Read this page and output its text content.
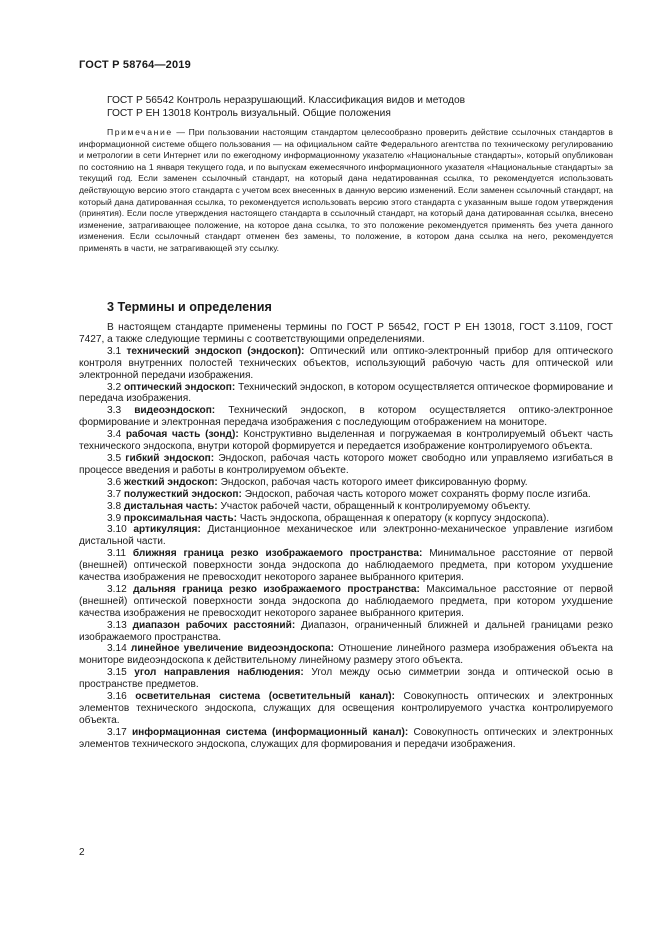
ГОСТ Р 58764—2019
ГОСТ Р 56542 Контроль неразрушающий. Классификация видов и методов
ГОСТ Р ЕН 13018 Контроль визуальный. Общие положения
Примечание — При пользовании настоящим стандартом целесообразно проверить действие ссылочных стандартов в информационной системе общего пользования — на официальном сайте Федерального агентства по техническому регулированию и метрологии в сети Интернет или по ежегодному информационному указателю «Национальные стандарты», который опубликован по состоянию на 1 января текущего года, и по выпускам ежемесячного информационного указателя «Национальные стандарты» за текущий год. Если заменен ссылочный стандарт, на который дана недатированная ссылка, то рекомендуется использовать действующую версию этого стандарта с учетом всех внесенных в данную версию изменений. Если заменен ссылочный стандарт, на который дана датированная ссылка, то рекомендуется использовать версию этого стандарта с указанным выше годом утверждения (принятия). Если после утверждения настоящего стандарта в ссылочный стандарт, на который дана датированная ссылка, внесено изменение, затрагивающее положение, на которое дана ссылка, то это положение рекомендуется применять без учета данного изменения. Если ссылочный стандарт отменен без замены, то положение, в котором дана ссылка на него, рекомендуется применять в части, не затрагивающей эту ссылку.
3 Термины и определения

В настоящем стандарте применены термины по ГОСТ Р 56542, ГОСТ Р ЕН 13018, ГОСТ 3.1109, ГОСТ 7427, а также следующие термины с соответствующими определениями.

3.1 технический эндоскоп (эндоскоп): Оптический или оптико-электронный прибор для оптического контроля внутренних полостей технических объектов, использующий рабочую часть для оптической или электронной передачи изображения.

3.2 оптический эндоскоп: Технический эндоскоп, в котором осуществляется оптическое формирование и передача изображения.

3.3 видеоэндоскоп: Технический эндоскоп, в котором осуществляется оптико-электронное формирование и электронная передача изображения с последующим отображением на мониторе.

3.4 рабочая часть (зонд): Конструктивно выделенная и погружаемая в контролируемый объект часть технического эндоскопа, внутри которой формируется и передается изображение контролируемого объекта.

3.5 гибкий эндоскоп: Эндоскоп, рабочая часть которого может свободно или управляемо изгибаться в процессе введения и работы в контролируемом объекте.

3.6 жесткий эндоскоп: Эндоскоп, рабочая часть которого имеет фиксированную форму.

3.7 полужесткий эндоскоп: Эндоскоп, рабочая часть которого может сохранять форму после изгиба.

3.8 дистальная часть: Участок рабочей части, обращенный к контролируемому объекту.

3.9 проксимальная часть: Часть эндоскопа, обращенная к оператору (к корпусу эндоскопа).

3.10 артикуляция: Дистанционное механическое или электронно-механическое управление изгибом дистальной части.

3.11 ближняя граница резко изображаемого пространства: Минимальное расстояние от первой (внешней) оптической поверхности зонда эндоскопа до наблюдаемого предмета, при котором ухудшение качества изображения не превосходит некоторого заранее выбранного критерия.

3.12 дальняя граница резко изображаемого пространства: Максимальное расстояние от первой (внешней) оптической поверхности зонда эндоскопа до наблюдаемого предмета, при котором ухудшение качества изображения не превосходит некоторого заранее выбранного критерия.

3.13 диапазон рабочих расстояний: Диапазон, ограниченный ближней и дальней границами резко изображаемого пространства.

3.14 линейное увеличение видеоэндоскопа: Отношение линейного размера изображения объекта на мониторе видеоэндоскопа к действительному линейному размеру этого объекта.

3.15 угол направления наблюдения: Угол между осью симметрии зонда и оптической осью в пространстве предметов.

3.16 осветительная система (осветительный канал): Совокупность оптических и электронных элементов технического эндоскопа, служащих для освещения контролируемого участка контролируемого объекта.

3.17 информационная система (информационный канал): Совокупность оптических и электронных элементов технического эндоскопа, служащих для формирования и передачи изображения.

2
